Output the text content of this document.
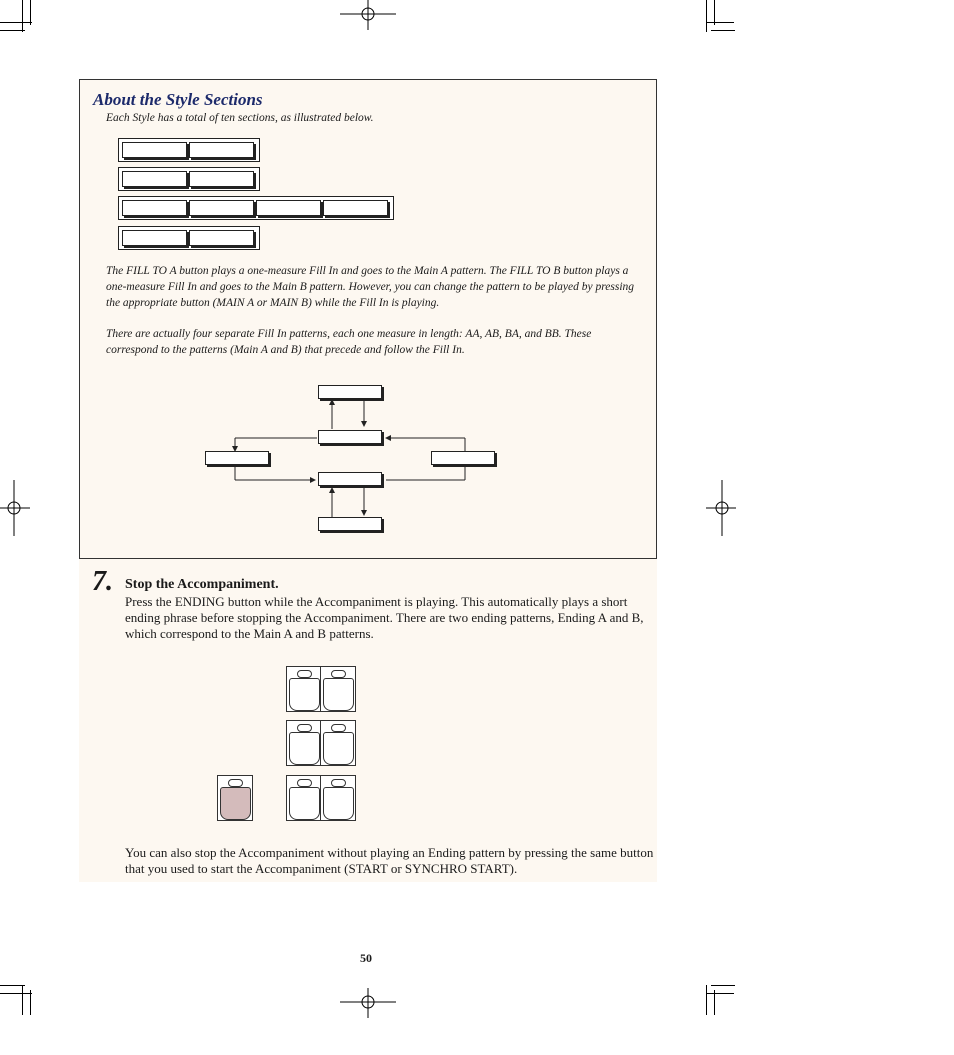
About the Style Sections
Each Style has a total of ten sections, as illustrated below.
The FILL TO A button plays a one-measure Fill In and goes to the Main A pattern. The FILL TO B button plays a one-measure Fill In and goes to the Main B pattern. However, you can change the pattern to be played by pressing the appropriate button (MAIN A or MAIN B) while the Fill In is playing.
There are actually four separate Fill In patterns, each one measure in length: AA, AB, BA, and BB. These correspond to the patterns (Main A and B) that precede and follow the Fill In.
7. Stop the Accompaniment.
Press the ENDING button while the Accompaniment is playing. This automatically plays a short ending phrase before stopping the Accompaniment. There are two ending patterns, Ending A and B, which correspond to the Main A and B patterns.
You can also stop the Accompaniment without playing an Ending pattern by pressing the same button that you used to start the Accompaniment (START or SYNCHRO START).
50
